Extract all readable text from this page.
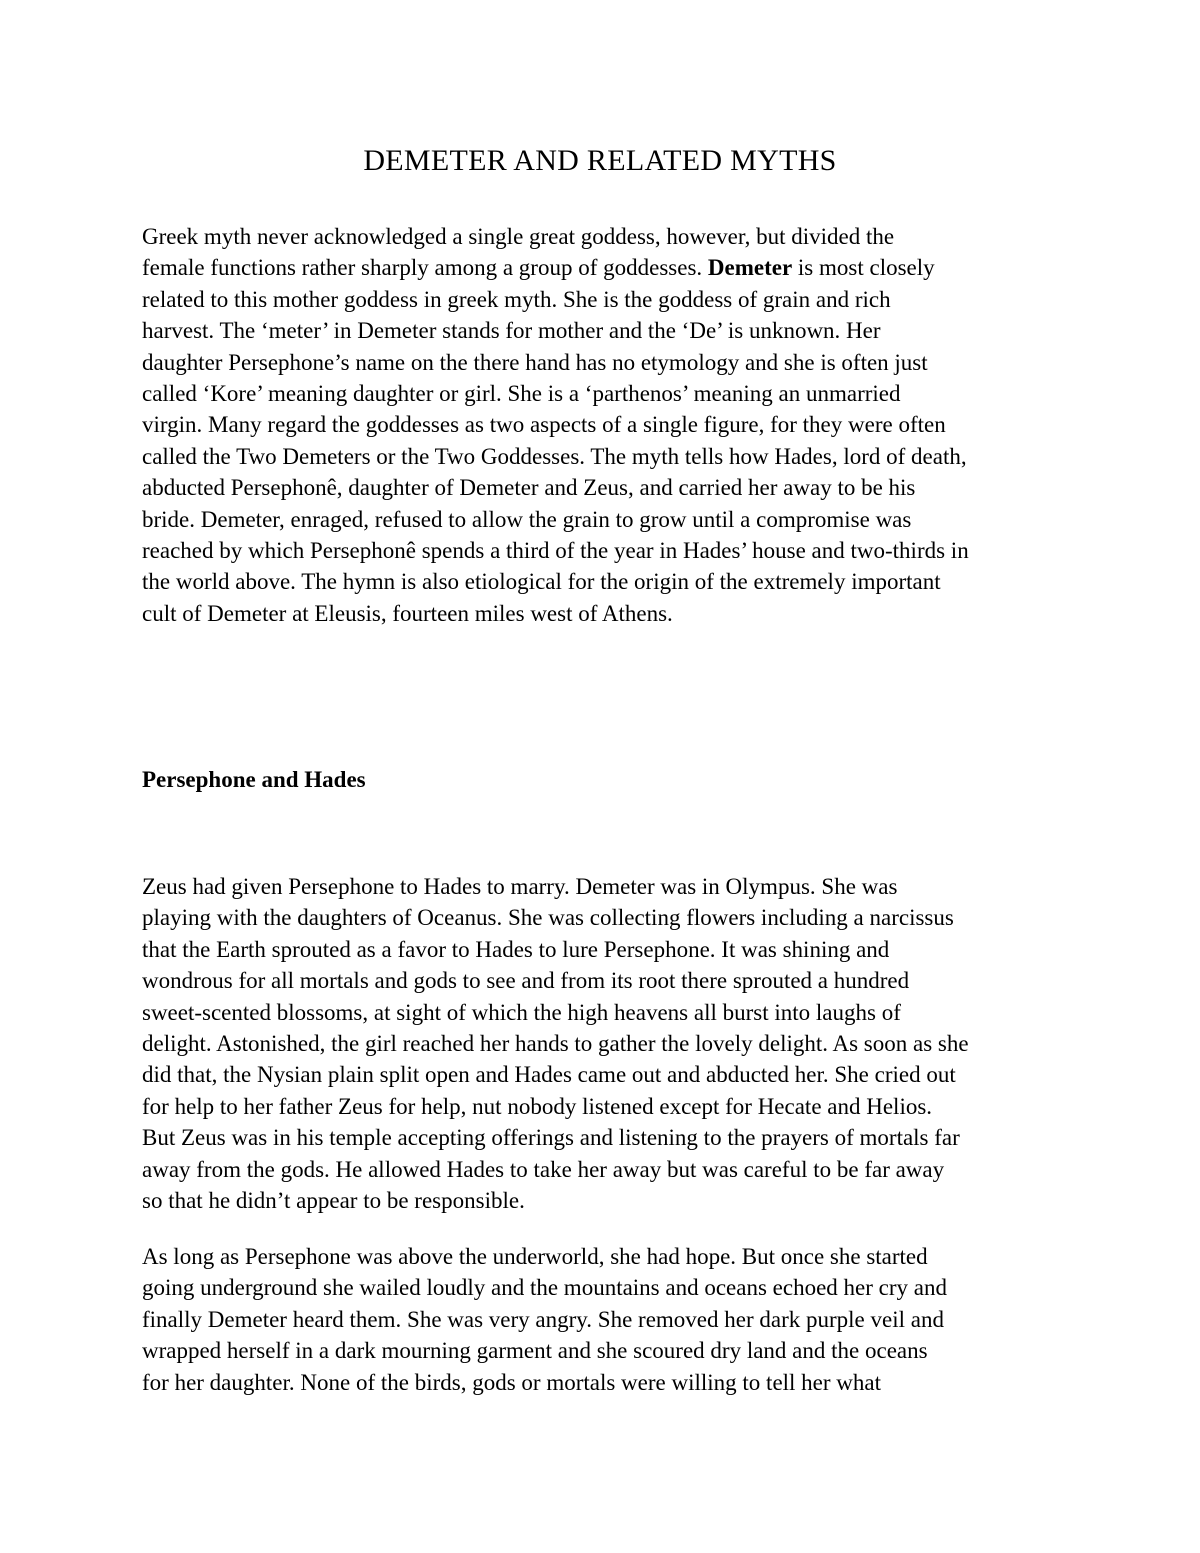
DEMETER AND RELATED MYTHS

Greek myth never acknowledged a single great goddess, however, but divided the
female functions rather sharply among a group of goddesses. Demeter is most closely
related to this mother goddess in greek myth. She is the goddess of grain and rich
harvest. The ‘meter’ in Demeter stands for mother and the ‘De’ is unknown. Her
daughter Persephone’s name on the there hand has no etymology and she is often just
called ‘Kore’ meaning daughter or girl. She is a ‘parthenos’ meaning an unmarried
virgin. Many regard the goddesses as two aspects of a single figure, for they were often
called the Two Demeters or the Two Goddesses. The myth tells how Hades, lord of death,
abducted Persephonê, daughter of Demeter and Zeus, and carried her away to be his
bride. Demeter, enraged, refused to allow the grain to grow until a compromise was
reached by which Persephonê spends a third of the year in Hades’ house and two-thirds in
the world above. The hymn is also etiological for the origin of the extremely important
cult of Demeter at Eleusis, fourteen miles west of Athens.

Persephone and Hades

Zeus had given Persephone to Hades to marry. Demeter was in Olympus. She was
playing with the daughters of Oceanus. She was collecting flowers including a narcissus
that the Earth sprouted as a favor to Hades to lure Persephone. It was shining and
wondrous for all mortals and gods to see and from its root there sprouted a hundred
sweet-scented blossoms, at sight of which the high heavens all burst into laughs of
delight. Astonished, the girl reached her hands to gather the lovely delight. As soon as she
did that, the Nysian plain split open and Hades came out and abducted her. She cried out
for help to her father Zeus for help, nut nobody listened except for Hecate and Helios.
But Zeus was in his temple accepting offerings and listening to the prayers of mortals far
away from the gods. He allowed Hades to take her away but was careful to be far away
so that he didn’t appear to be responsible.

As long as Persephone was above the underworld, she had hope. But once she started
going underground she wailed loudly and the mountains and oceans echoed her cry and
finally Demeter heard them. She was very angry. She removed her dark purple veil and
wrapped herself in a dark mourning garment and she scoured dry land and the oceans
for her daughter. None of the birds, gods or mortals were willing to tell her what
